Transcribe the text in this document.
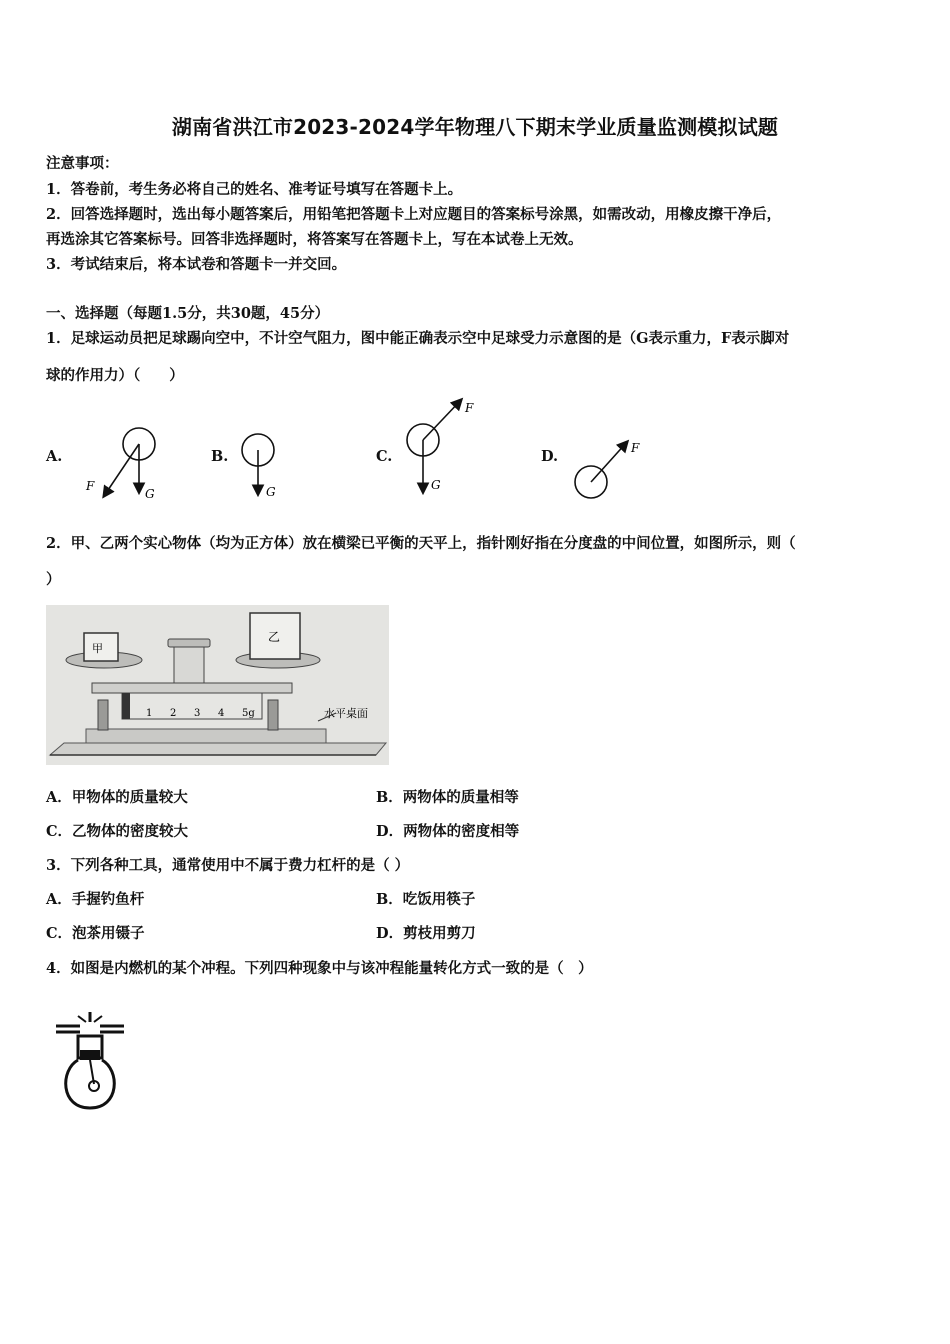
湖南省洪江市2023-2024学年物理八下期末学业质量监测模拟试题
注意事项：
1．答卷前，考生务必将自己的姓名、准考证号填写在答题卡上。
2．回答选择题时，选出每小题答案后，用铅笔把答题卡上对应题目的答案标号涂黑，如需改动，用橡皮擦干净后，
再选涂其它答案标号。回答非选择题时，将答案写在答题卡上，写在本试卷上无效。
3．考试结束后，将本试卷和答题卡一并交回。
一、选择题（每题1.5分，共30题，45分）
1．足球运动员把足球踢向空中，不计空气阻力，图中能正确表示空中足球受力示意图的是（G表示重力，F表示脚对
球的作用力）（　　）
A.	B.	C.	D.
F
G	G
F
G
F
2．甲、乙两个实心物体（均为正方体）放在横梁已平衡的天平上，指针刚好指在分度盘的中间位置，如图所示，则（
）
1 2 3 4 5g
甲
乙
水平桌面
A．甲物体的质量较大	B．两物体的质量相等
C．乙物体的密度较大	D．两物体的密度相等
3．下列各种工具，通常使用中不属于费力杠杆的是（ ）
A．手握钓鱼杆	B．吃饭用筷子
C．泡茶用镊子	D．剪枝用剪刀
4．如图是内燃机的某个冲程。下列四种现象中与该冲程能量转化方式一致的是（　）
